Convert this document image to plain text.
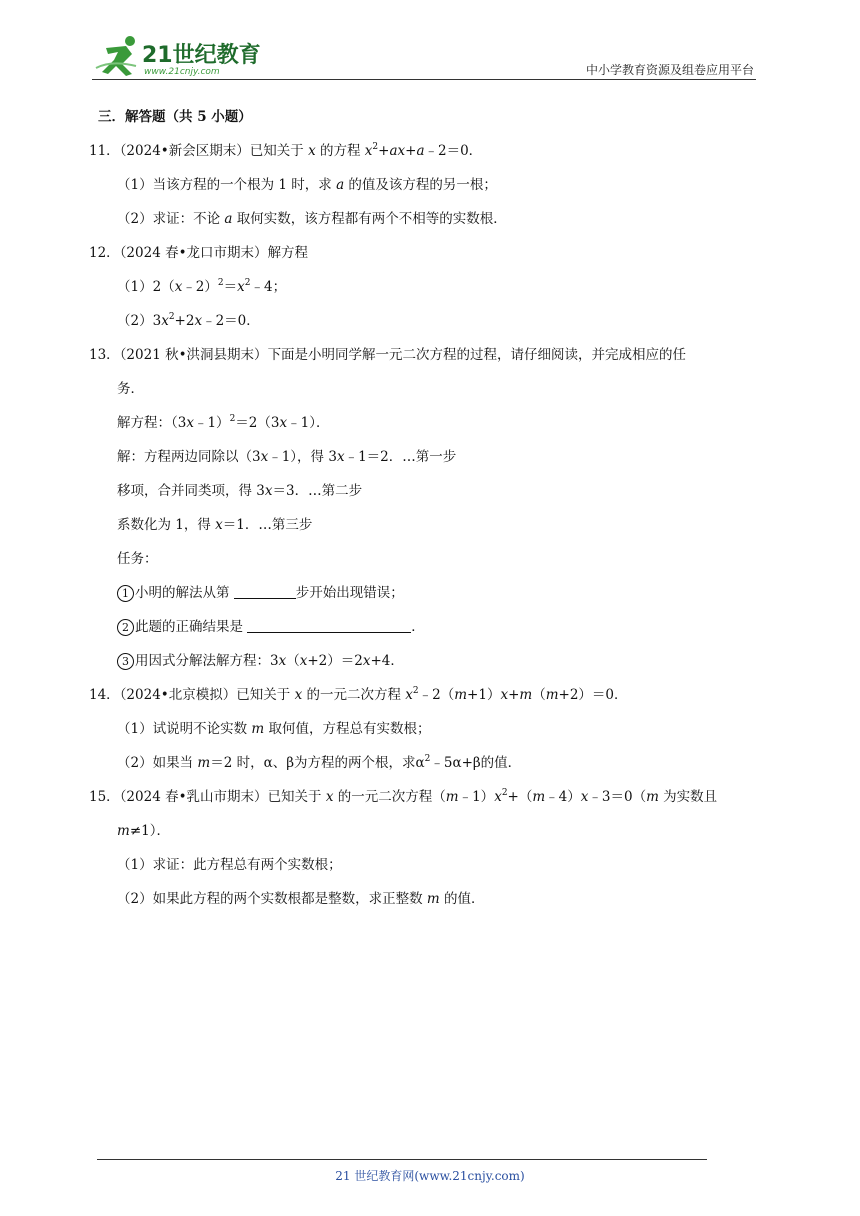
21世纪教育
www.21cnjy.com	中小学教育资源及组卷应用平台
三．解答题（共 5 小题）
11．（2024•新会区期末）已知关于 x 的方程 $x^2+ax+a﹣2=0$．
（1）当该方程的一个根为 1 时，求 a 的值及该方程的另一根；
（2）求证：不论 a 取何实数，该方程都有两个不相等的实数根．
12．（2024 春•龙口市期末）解方程
$(1)2(x﹣2)^2=x^2﹣4$；
$(2)3x^2+2x﹣2=0$．
13．（2021 秋•洪洞县期末）下面是小明同学解一元二次方程的过程，请仔细阅读，并完成相应的任
务．
解方程：（3x﹣1）$^2$＝2（3x﹣1）．
解：方程两边同除以（3x﹣1），得 3x﹣1＝2．…第一步
移项，合并同类项，得 3x＝3．…第二步
系数化为 1，得 x＝1．…第三步
任务：
1 小明的解法从第	步开始出现错误；
2 此题的正确结果是	．
3 用因式分解法解方程：3x（x+2）＝2x+4．
14．（2024•北京模拟）已知关于 x 的一元二次方程 $x^2﹣2(m+1)x+m(m+2)=0$．
（1）试说明不论实数 m 取何值，方程总有实数根；
（2）如果当 m＝2 时，α、β为方程的两个根，求$\alpha^2﹣5\alpha+\beta$的值．
15．（2024 春•乳山市期末）已知关于 x 的一元二次方程$(m﹣1)x^2+(m﹣4)x﹣3=0(m$ 为实数且
m≠1）．
（1）求证：此方程总有两个实数根；
（2）如果此方程的两个实数根都是整数，求正整数 m 的值．
21 世纪教育网(www.21cnjy.com)
